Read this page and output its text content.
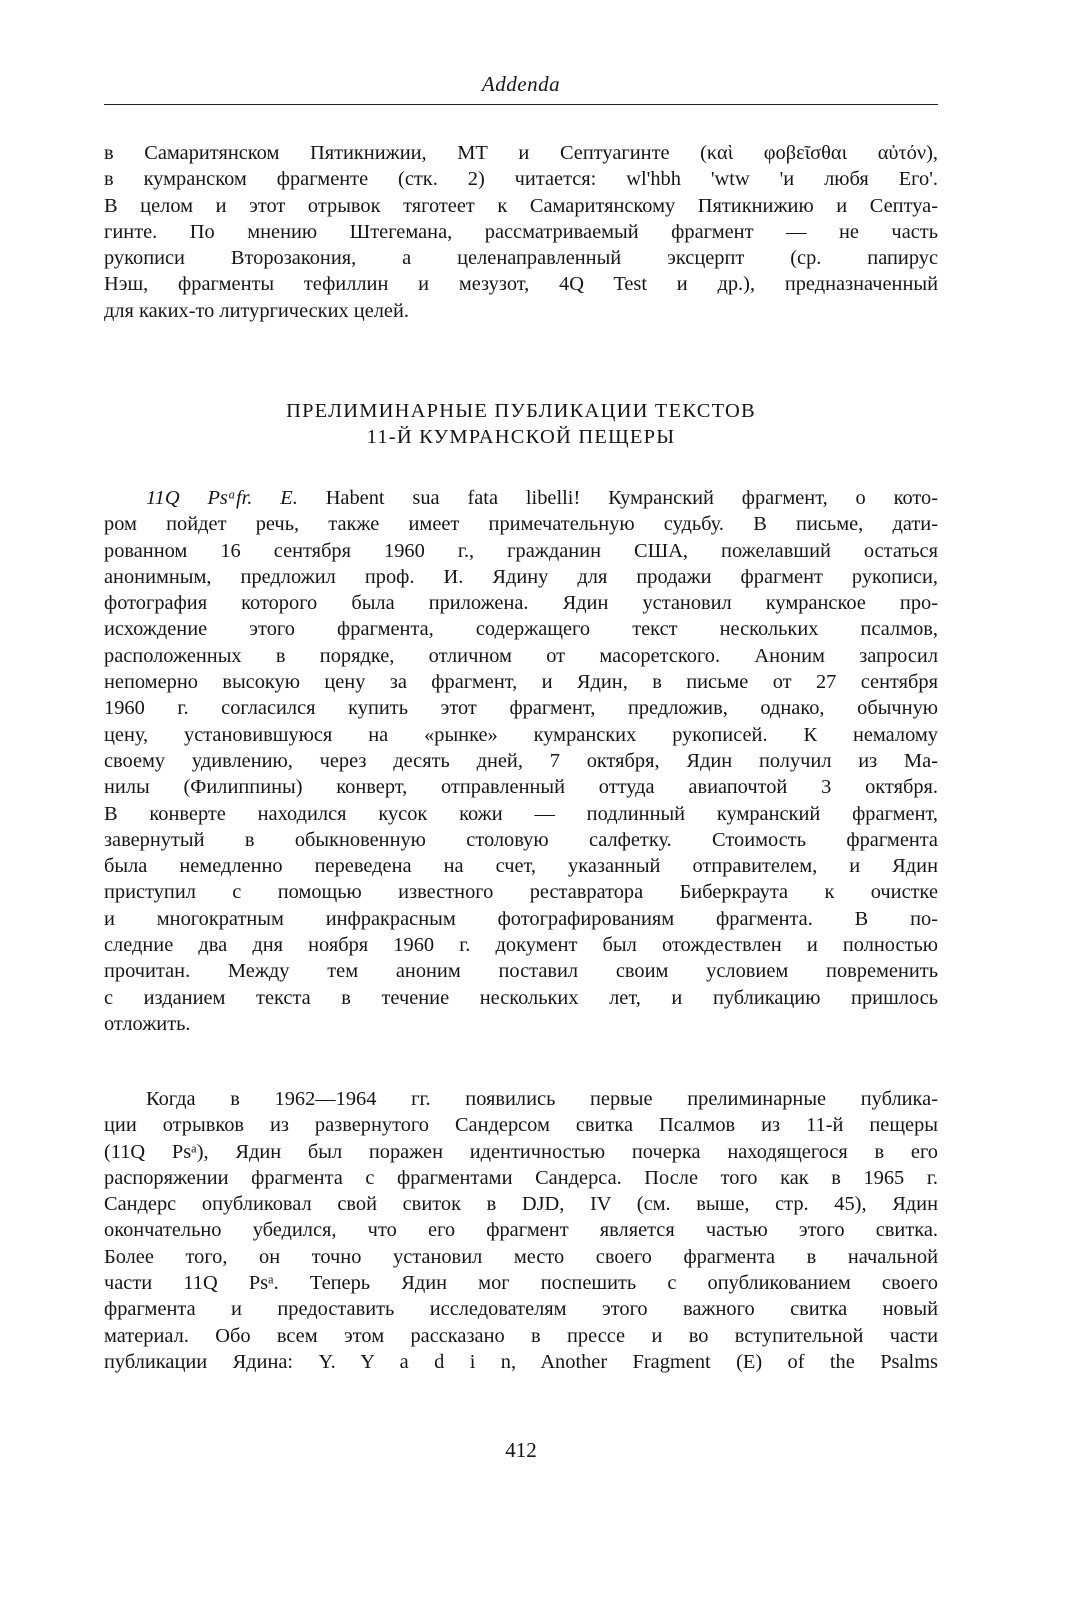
Addenda
в Самаритянском Пятикнижии, МТ и Септуагинте (καὶ φοβεῖσθαι αὐτόν),
в кумранском фрагменте (стк. 2) читается: wl'hbh 'wtw 'и любя Его'.
В целом и этот отрывок тяготеет к Самаритянскому Пятикнижию и Септуа-
гинте. По мнению Штегемана, рассматриваемый фрагмент — не часть
рукописи Второзакония, а целенаправленный эксцерпт (ср. папирус
Нэш, фрагменты тефиллин и мезузот, 4Q Test и др.), предназначенный
для каких-то литургических целей.
ПРЕЛИМИНАРНЫЕ ПУБЛИКАЦИИ ТЕКСТОВ
11-Й КУМРАНСКОЙ ПЕЩЕРЫ
11Q Psᵃfr. E. Habent sua fata libelli! Кумранский фрагмент, о кото-
ром пойдет речь, также имеет примечательную судьбу. В письме, дати-
рованном 16 сентября 1960 г., гражданин США, пожелавший остаться
анонимным, предложил проф. И. Ядину для продажи фрагмент рукописи,
фотография которого была приложена. Ядин установил кумранское про-
исхождение этого фрагмента, содержащего текст нескольких псалмов,
расположенных в порядке, отличном от масоретского. Аноним запросил
непомерно высокую цену за фрагмент, и Ядин, в письме от 27 сентября
1960 г. согласился купить этот фрагмент, предложив, однако, обычную
цену, установившуюся на «рынке» кумранских рукописей. К немалому
своему удивлению, через десять дней, 7 октября, Ядин получил из Ма-
нилы (Филиппины) конверт, отправленный оттуда авиапочтой 3 октября.
В конверте находился кусок кожи — подлинный кумранский фрагмент,
завернутый в обыкновенную столовую салфетку. Стоимость фрагмента
была немедленно переведена на счет, указанный отправителем, и Ядин
приступил с помощью известного реставратора Биберкраута к очистке
и многократным инфракрасным фотографированиям фрагмента. В по-
следние два дня ноября 1960 г. документ был отождествлен и полностью
прочитан. Между тем аноним поставил своим условием повременить
с изданием текста в течение нескольких лет, и публикацию пришлось
отложить.
Когда в 1962—1964 гг. появились первые прелиминарные публика-
ции отрывков из развернутого Сандерсом свитка Псалмов из 11-й пещеры
(11Q Psᵃ), Ядин был поражен идентичностью почерка находящегося в его
распоряжении фрагмента с фрагментами Сандерса. После того как в 1965 г.
Сандерс опубликовал свой свиток в DJD, IV (см. выше, стр. 45), Ядин
окончательно убедился, что его фрагмент является частью этого свитка.
Более того, он точно установил место своего фрагмента в начальной
части 11Q Psᵃ. Теперь Ядин мог поспешить с опубликованием своего
фрагмента и предоставить исследователям этого важного свитка новый
материал. Обо всем этом рассказано в прессе и во вступительной части
публикации Ядина: Y. Y a d i n, Another Fragment (E) of the Psalms
412
